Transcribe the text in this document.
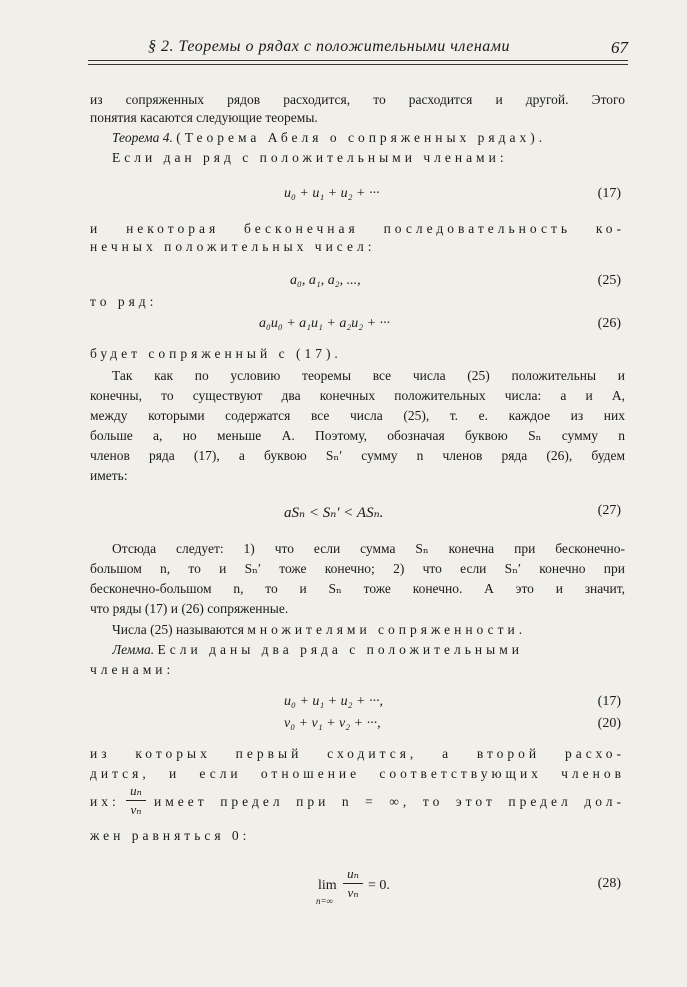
§ 2. Теоремы о рядах с положительными членами	67
из сопряженных рядов расходится, то расходится и другой. Этого
понятия касаются следующие теоремы.
Теорема 4. (Теорема Абеля о сопряженных рядах).
Если дан ряд с положительными членами:
u₀ + u₁ + u₂ + ···	(17)
и некоторая бесконечная последовательность ко-
нечных положительных чисел:
a₀, a₁, a₂, ...,	(25)
то ряд:
a₀u₀ + a₁u₁ + a₂u₂ + ···	(26)
будет сопряженный с (17).
Так как по условию теоремы все числа (25) положительны и
конечны, то существуют два конечных положительных числа: a и A,
между которыми содержатся все числа (25), т. е. каждое из них
больше a, но меньше A. Поэтому, обозначая буквою Sₙ сумму n
членов ряда (17), а буквою Sₙ′ сумму n членов ряда (26), будем
иметь:
aSₙ < Sₙ′ < ASₙ.	(27)
Отсюда следует: 1) что если сумма Sₙ конечна при бесконечно-
большом n, то и Sₙ′ тоже конечно; 2) что если Sₙ′ конечно при
бесконечно-большом n, то и Sₙ тоже конечно. А это и значит,
что ряды (17) и (26) сопряженные.
Числа (25) называются множителями сопряженности.
Лемма. Если даны два ряда с положительными
членами:
u₀ + u₁ + u₂ + ···,	(17)
v₀ + v₁ + v₂ + ···,	(20)
из которых первый сходится, а второй расхо-
дится, и если отношение соответствующих членов
их:
uₙ
vₙ
имеет предел при n = ∞, то этот предел дол-
жен равняться 0:
lim
n=∞
uₙ
vₙ = 0.	(28)
